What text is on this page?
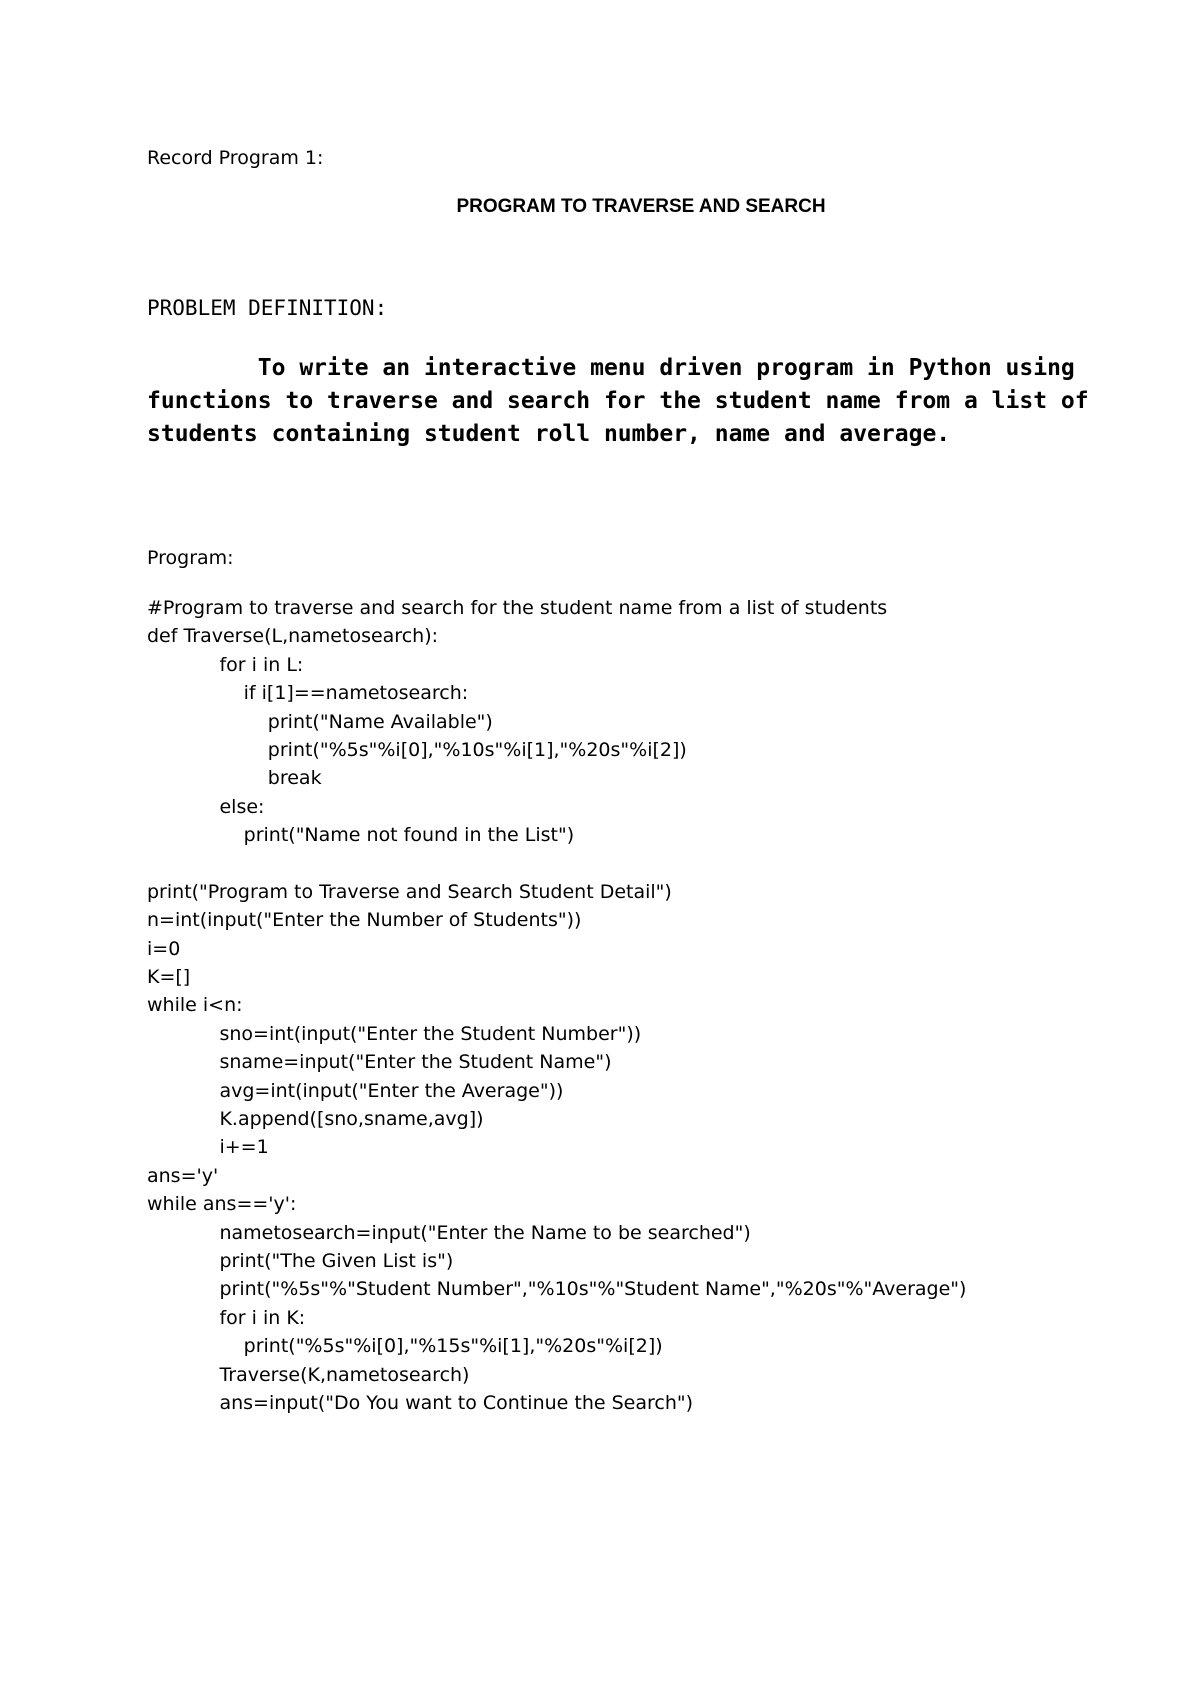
Record Program 1:
PROGRAM TO TRAVERSE AND SEARCH
PROBLEM DEFINITION:
To write an interactive menu driven program in Python using
functions to traverse and search for the student name from a list of
students containing student roll number, name and average.
Program:
#Program to traverse and search for the student name from a list of students
def Traverse(L,nametosearch):
for i in L:
if i[1]==nametosearch:
print("Name Available")
print("%5s"%i[0],"%10s"%i[1],"%20s"%i[2])
break
else:
print("Name not found in the List")
print("Program to Traverse and Search Student Detail")
n=int(input("Enter the Number of Students"))
i=0
K=[]
while i<n:
sno=int(input("Enter the Student Number"))
sname=input("Enter the Student Name")
avg=int(input("Enter the Average"))
K.append([sno,sname,avg])
i+=1
ans='y'
while ans=='y':
nametosearch=input("Enter the Name to be searched")
print("The Given List is")
print("%5s"%"Student Number","%10s"%"Student Name","%20s"%"Average")
for i in K:
print("%5s"%i[0],"%15s"%i[1],"%20s"%i[2])
Traverse(K,nametosearch)
ans=input("Do You want to Continue the Search")
